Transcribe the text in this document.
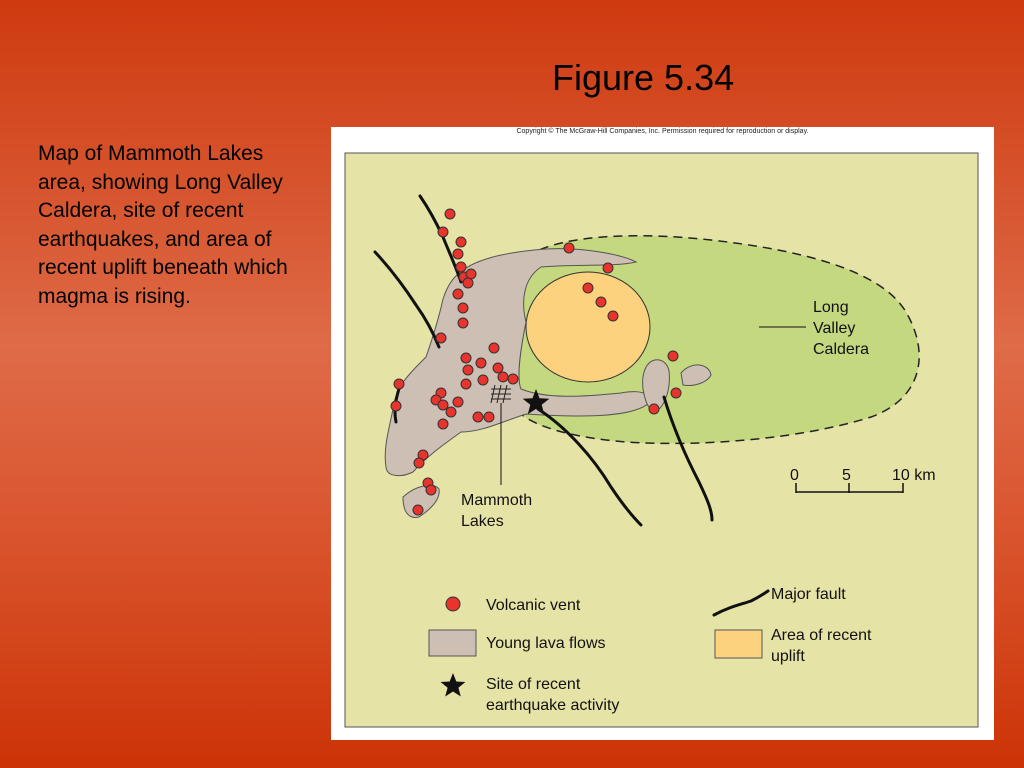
Figure 5.34
Map of Mammoth Lakes area, showing Long Valley Caldera, site of recent earthquakes, and area of recent uplift beneath which magma is rising.	Long
Valley
Caldera
Mammoth
Lakes
0	5	10 km
Volcanic vent
Young lava flows
Site of recent
earthquake activity
Major fault
Area of recent
uplift
Copyright © The McGraw-Hill Companies, Inc. Permission required for reproduction or display.
